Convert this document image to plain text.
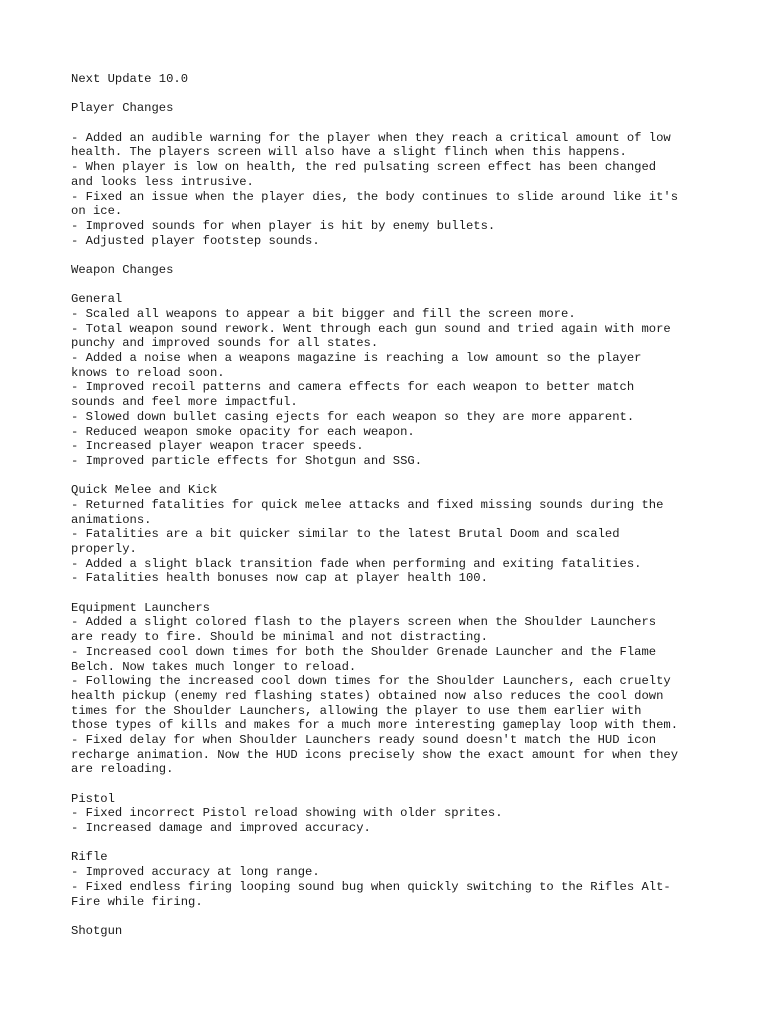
Next Update 10.0
Player Changes
- Added an audible warning for the player when they reach a critical amount of low
health. The players screen will also have a slight flinch when this happens.
- When player is low on health, the red pulsating screen effect has been changed
and looks less intrusive.
- Fixed an issue when the player dies, the body continues to slide around like it's
on ice.
- Improved sounds for when player is hit by enemy bullets.
- Adjusted player footstep sounds.
Weapon Changes
General
- Scaled all weapons to appear a bit bigger and fill the screen more.
- Total weapon sound rework. Went through each gun sound and tried again with more
punchy and improved sounds for all states.
- Added a noise when a weapons magazine is reaching a low amount so the player
knows to reload soon.
- Improved recoil patterns and camera effects for each weapon to better match
sounds and feel more impactful.
- Slowed down bullet casing ejects for each weapon so they are more apparent.
- Reduced weapon smoke opacity for each weapon.
- Increased player weapon tracer speeds.
- Improved particle effects for Shotgun and SSG.
Quick Melee and Kick
- Returned fatalities for quick melee attacks and fixed missing sounds during the
animations.
- Fatalities are a bit quicker similar to the latest Brutal Doom and scaled
properly.
- Added a slight black transition fade when performing and exiting fatalities.
- Fatalities health bonuses now cap at player health 100.
Equipment Launchers
- Added a slight colored flash to the players screen when the Shoulder Launchers
are ready to fire. Should be minimal and not distracting.
- Increased cool down times for both the Shoulder Grenade Launcher and the Flame
Belch. Now takes much longer to reload.
- Following the increased cool down times for the Shoulder Launchers, each cruelty
health pickup (enemy red flashing states) obtained now also reduces the cool down
times for the Shoulder Launchers, allowing the player to use them earlier with
those types of kills and makes for a much more interesting gameplay loop with them.
- Fixed delay for when Shoulder Launchers ready sound doesn't match the HUD icon
recharge animation. Now the HUD icons precisely show the exact amount for when they
are reloading.
Pistol
- Fixed incorrect Pistol reload showing with older sprites.
- Increased damage and improved accuracy.
Rifle
- Improved accuracy at long range.
- Fixed endless firing looping sound bug when quickly switching to the Rifles Alt-
Fire while firing.
Shotgun
